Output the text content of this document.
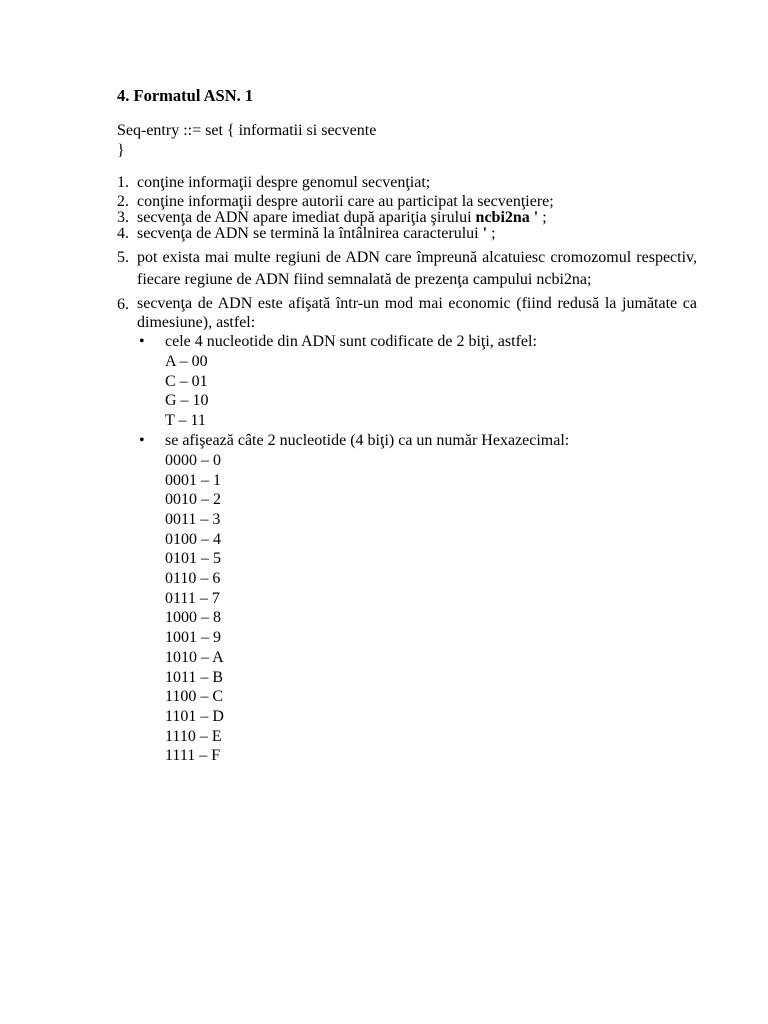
4. Formatul ASN. 1
Seq-entry ::= set { informatii si secvente
}
1. conţine informaţii despre genomul secvenţiat;
2. conţine informaţii despre autorii care au participat la secvenţiere;
3. secvenţa de ADN apare imediat după apariţia şirului ncbi2na ' ;
4. secvenţa de ADN se termină la întâlnirea caracterului ' ;
5. pot exista mai multe regiuni de ADN care împreună alcatuiesc cromozomul respectiv, fiecare regiune de ADN fiind semnalată de prezenţa campului ncbi2na;
6. secvenţa de ADN este afişată într-un mod mai economic (fiind redusă la jumătate ca dimesiune), astfel:
• cele 4 nucleotide din ADN sunt codificate de 2 biţi, astfel:
A – 00
C – 01
G – 10
T – 11
• se afişează câte 2 nucleotide (4 biţi) ca un număr Hexazecimal:
0000 – 0
0001 – 1
0010 – 2
0011 – 3
0100 – 4
0101 – 5
0110 – 6
0111 – 7
1000 – 8
1001 – 9
1010 – A
1011 – B
1100 – C
1101 – D
1110 – E
1111 – F
